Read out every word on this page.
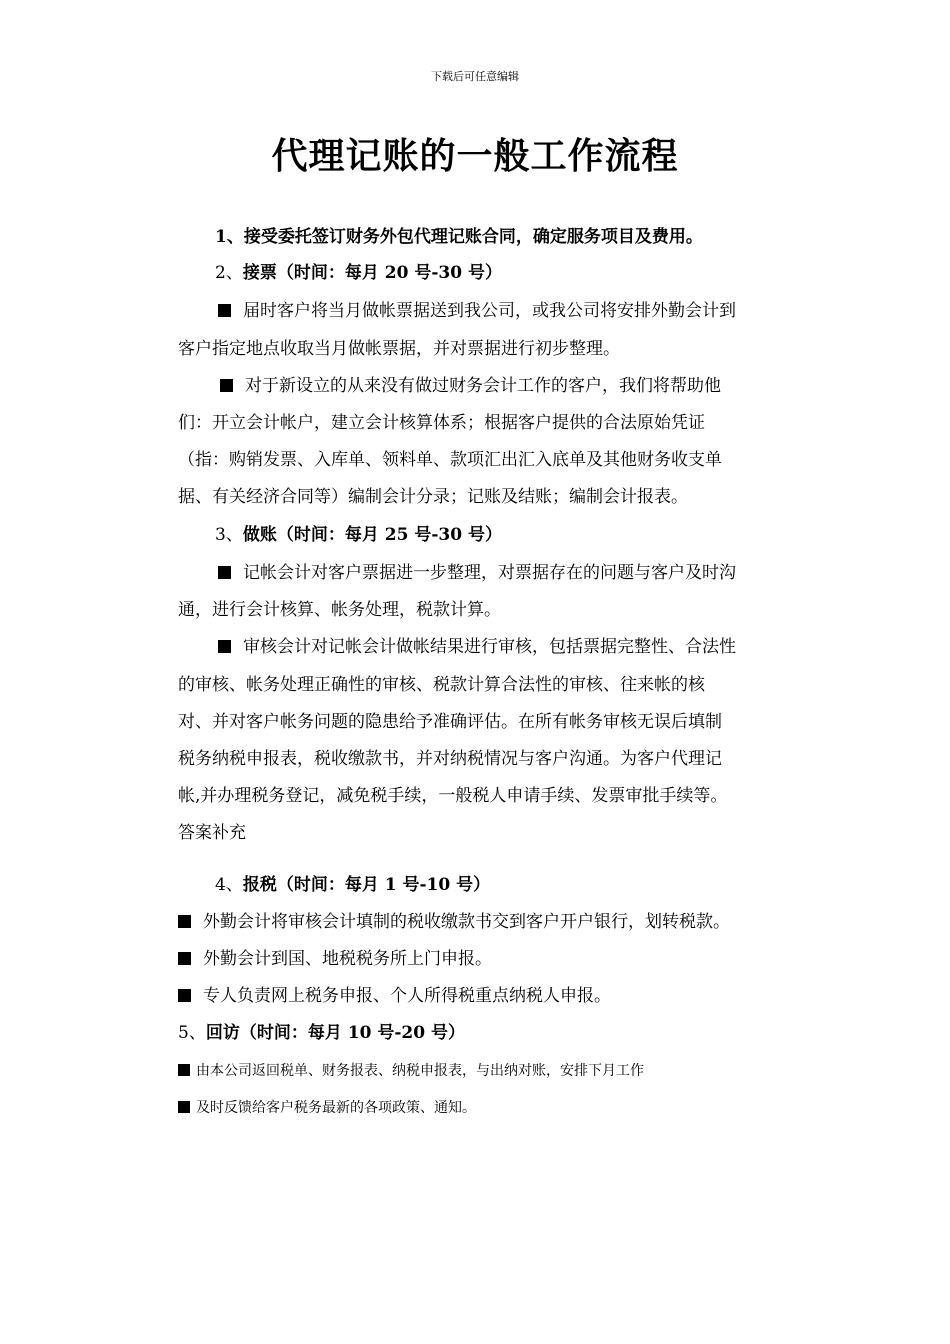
下载后可任意编辑
代理记账的一般工作流程
1、接受委托签订财务外包代理记账合同，确定服务项目及费用。
2、接票（时间：每月 20 号-30 号）
届时客户将当月做帐票据送到我公司，或我公司将安排外勤会计到
客户指定地点收取当月做帐票据，并对票据进行初步整理。
对于新设立的从来没有做过财务会计工作的客户，我们将帮助他
们：开立会计帐户，建立会计核算体系；根据客户提供的合法原始凭证
（指：购销发票、入库单、领料单、款项汇出汇入底单及其他财务收支单
据、有关经济合同等）编制会计分录；记账及结账；编制会计报表。
3、做账（时间：每月 25 号-30 号）
记帐会计对客户票据进一步整理，对票据存在的问题与客户及时沟
通，进行会计核算、帐务处理，税款计算。
审核会计对记帐会计做帐结果进行审核，包括票据完整性、合法性
的审核、帐务处理正确性的审核、税款计算合法性的审核、往来帐的核
对、并对客户帐务问题的隐患给予准确评估。在所有帐务审核无误后填制
税务纳税申报表，税收缴款书，并对纳税情况与客户沟通。为客户代理记
帐,并办理税务登记，减免税手续，一般税人申请手续、发票审批手续等。
答案补充
4、报税（时间：每月 1 号-10 号）
外勤会计将审核会计填制的税收缴款书交到客户开户银行，划转税款。
外勤会计到国、地税税务所上门申报。
专人负责网上税务申报、个人所得税重点纳税人申报。
5、回访（时间：每月 10 号-20 号）
由本公司返回税单、财务报表、纳税申报表，与出纳对账，安排下月工作
及时反馈给客户税务最新的各项政策、通知。
